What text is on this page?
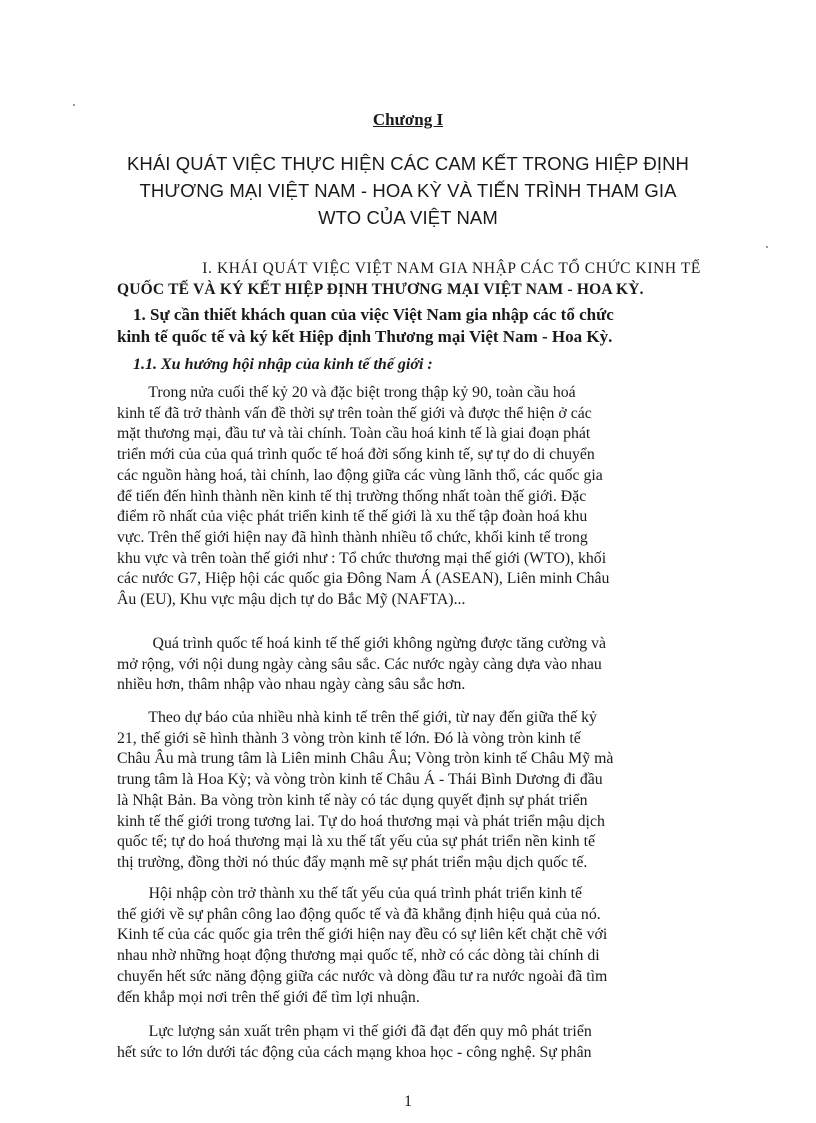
Chương I
KHÁI QUÁT VIỆC THỰC HIỆN CÁC CAM KẾT TRONG HIỆP ĐỊNH
THƯƠNG MẠI VIỆT NAM - HOA KỲ VÀ TIẾN TRÌNH THAM GIA
WTO CỦA VIỆT NAM
I. KHÁI QUÁT VIỆC VIỆT NAM GIA NHẬP CÁC TỔ CHỨC KINH TẾ
QUỐC TẾ VÀ KÝ KẾT HIỆP ĐỊNH THƯƠNG MẠI VIỆT NAM - HOA KỲ.
1. Sự cần thiết khách quan của việc Việt Nam gia nhập các tổ chức
kinh tế quốc tế và ký kết Hiệp định Thương mại Việt Nam - Hoa Kỳ.
1.1. Xu hướng hội nhập của kinh tế thế giới :
Trong nửa cuối thế kỷ 20 và đặc biệt trong thập kỷ 90, toàn cầu hoá
kinh tế đã trở thành vấn đề thời sự trên toàn thế giới và được thể hiện ở các
mặt thương mại, đầu tư và tài chính. Toàn cầu hoá kinh tế là giai đoạn phát
triển mới của của quá trình quốc tế hoá đời sống kinh tế, sự tự do di chuyển
các nguồn hàng hoá, tài chính, lao động giữa các vùng lãnh thổ, các quốc gia
để tiến đến hình thành nền kinh tế thị trường thống nhất toàn thế giới. Đặc
điểm rõ nhất của việc phát triển kinh tế thế giới là xu thế tập đoàn hoá khu
vực. Trên thế giới hiện nay đã hình thành nhiều tổ chức, khối kinh tế trong
khu vực và trên toàn thế giới như : Tổ chức thương mại thế giới (WTO), khối
các nước G7, Hiệp hội các quốc gia Đông Nam Á (ASEAN), Liên minh Châu
Âu (EU), Khu vực mậu dịch tự do Bắc Mỹ (NAFTA)...
Quá trình quốc tế hoá kinh tế thế giới không ngừng được tăng cường và
mở rộng, với nội dung ngày càng sâu sắc. Các nước ngày càng dựa vào nhau
nhiều hơn, thâm nhập vào nhau ngày càng sâu sắc hơn.
Theo dự báo của nhiều nhà kinh tế trên thế giới, từ nay đến giữa thế kỷ
21, thế giới sẽ hình thành 3 vòng tròn kinh tế lớn. Đó là vòng tròn kinh tế
Châu Âu mà trung tâm là Liên minh Châu Âu; Vòng tròn kinh tế Châu Mỹ mà
trung tâm là Hoa Kỳ; và vòng tròn kinh tế Châu Á - Thái Bình Dương đi đầu
là Nhật Bản. Ba vòng tròn kinh tế này có tác dụng quyết định sự phát triển
kinh tế thế giới trong tương lai. Tự do hoá thương mại và phát triển mậu dịch
quốc tế; tự do hoá thương mại là xu thế tất yếu của sự phát triển nền kinh tế
thị trường, đồng thời nó thúc đẩy mạnh mẽ sự phát triển mậu dịch quốc tế.
Hội nhập còn trở thành xu thế tất yếu của quá trình phát triển kinh tế
thế giới về sự phân công lao động quốc tế và đã khẳng định hiệu quả của nó.
Kinh tế của các quốc gia trên thế giới hiện nay đều có sự liên kết chặt chẽ với
nhau nhờ những hoạt động thương mại quốc tế, nhờ có các dòng tài chính di
chuyển hết sức năng động giữa các nước và dòng đầu tư ra nước ngoài đã tìm
đến khắp mọi nơi trên thế giới để tìm lợi nhuận.
Lực lượng sản xuất trên phạm vi thế giới đã đạt đến quy mô phát triển
hết sức to lớn dưới tác động của cách mạng khoa học - công nghệ. Sự phân
1
